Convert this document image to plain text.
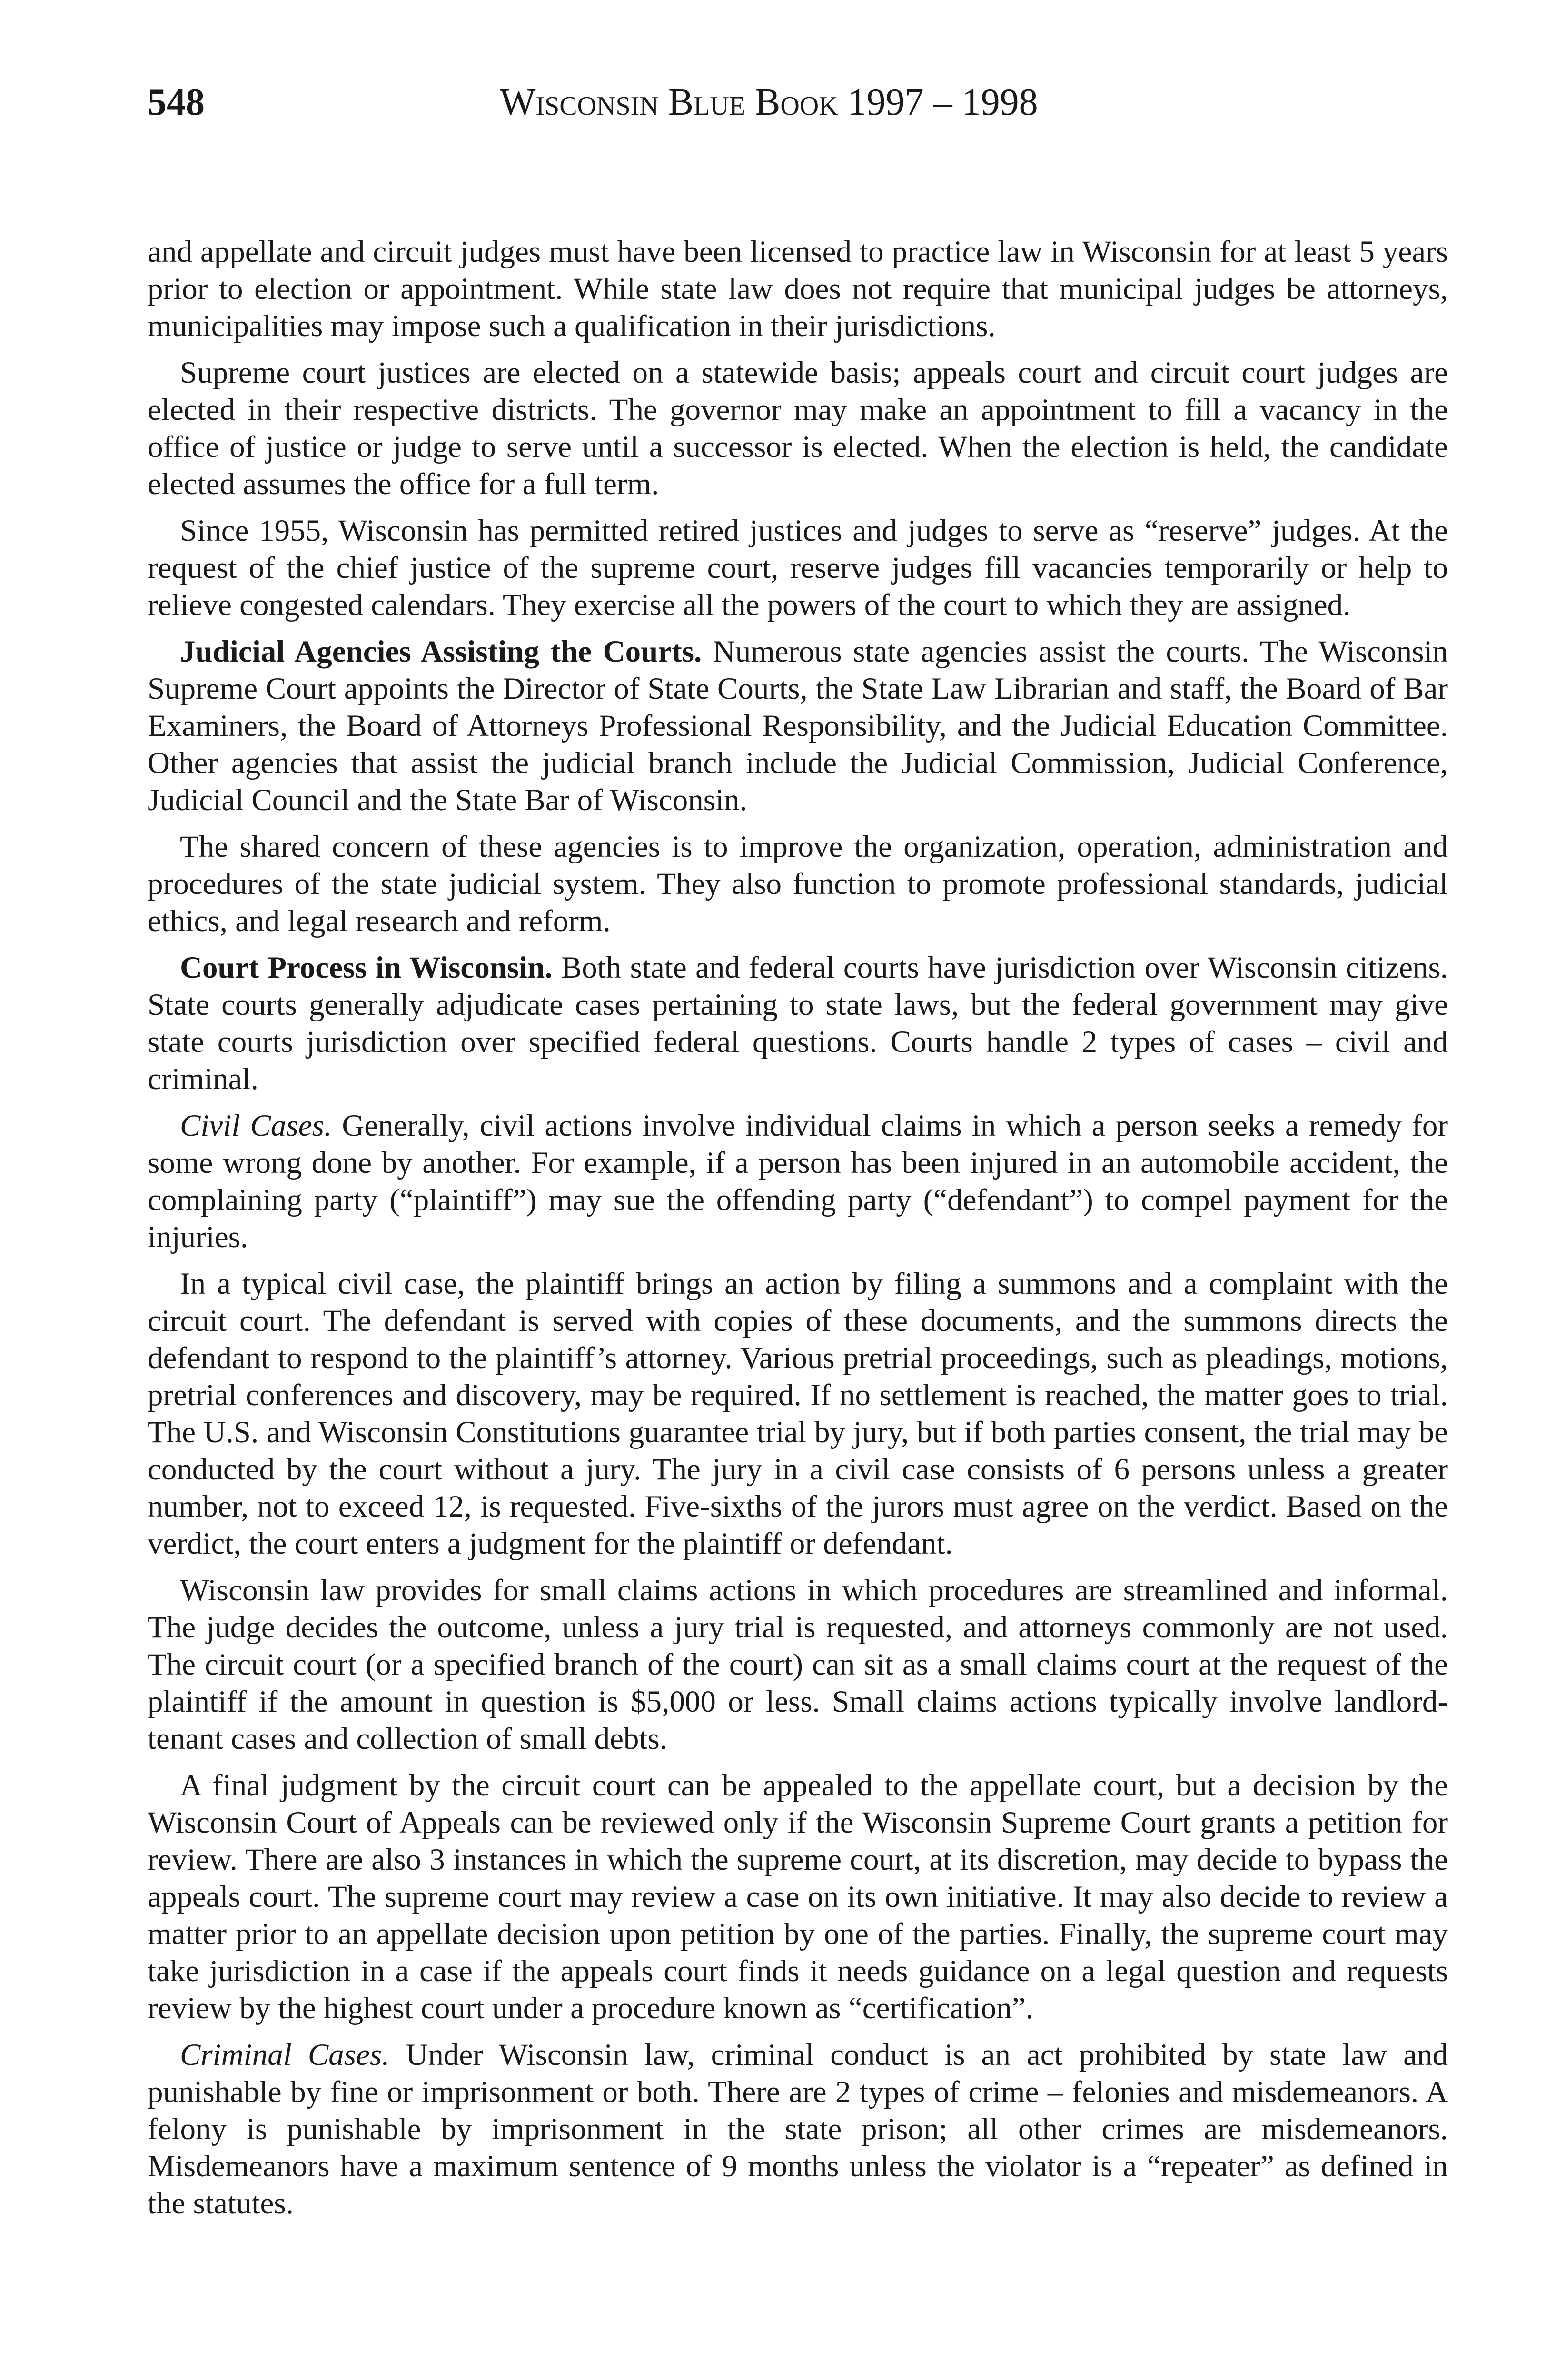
548	Wisconsin Blue Book 1997 – 1998

and appellate and circuit judges must have been licensed to practice law in Wisconsin for at least 5 years prior to election or appointment. While state law does not require that municipal judges be attorneys, municipalities may impose such a qualification in their jurisdictions.

Supreme court justices are elected on a statewide basis; appeals court and circuit court judges are elected in their respective districts. The governor may make an appointment to fill a vacancy in the office of justice or judge to serve until a successor is elected. When the election is held, the candidate elected assumes the office for a full term.

Since 1955, Wisconsin has permitted retired justices and judges to serve as “reserve” judges. At the request of the chief justice of the supreme court, reserve judges fill vacancies temporarily or help to relieve congested calendars. They exercise all the powers of the court to which they are assigned.

Judicial Agencies Assisting the Courts. Numerous state agencies assist the courts. The Wisconsin Supreme Court appoints the Director of State Courts, the State Law Librarian and staff, the Board of Bar Examiners, the Board of Attorneys Professional Responsibility, and the Judicial Education Committee. Other agencies that assist the judicial branch include the Judicial Commission, Judicial Conference, Judicial Council and the State Bar of Wisconsin.

The shared concern of these agencies is to improve the organization, operation, administration and procedures of the state judicial system. They also function to promote professional standards, judicial ethics, and legal research and reform.

Court Process in Wisconsin. Both state and federal courts have jurisdiction over Wisconsin citizens. State courts generally adjudicate cases pertaining to state laws, but the federal government may give state courts jurisdiction over specified federal questions. Courts handle 2 types of cases – civil and criminal.

Civil Cases. Generally, civil actions involve individual claims in which a person seeks a remedy for some wrong done by another. For example, if a person has been injured in an automobile accident, the complaining party (“plaintiff”) may sue the offending party (“defendant”) to compel payment for the injuries.

In a typical civil case, the plaintiff brings an action by filing a summons and a complaint with the circuit court. The defendant is served with copies of these documents, and the summons directs the defendant to respond to the plaintiff’s attorney. Various pretrial proceedings, such as pleadings, motions, pretrial conferences and discovery, may be required. If no settlement is reached, the matter goes to trial. The U.S. and Wisconsin Constitutions guarantee trial by jury, but if both parties consent, the trial may be conducted by the court without a jury. The jury in a civil case consists of 6 persons unless a greater number, not to exceed 12, is requested. Five-sixths of the jurors must agree on the verdict. Based on the verdict, the court enters a judgment for the plaintiff or defendant.

Wisconsin law provides for small claims actions in which procedures are streamlined and informal. The judge decides the outcome, unless a jury trial is requested, and attorneys commonly are not used. The circuit court (or a specified branch of the court) can sit as a small claims court at the request of the plaintiff if the amount in question is $5,000 or less. Small claims actions typically involve landlord-tenant cases and collection of small debts.

A final judgment by the circuit court can be appealed to the appellate court, but a decision by the Wisconsin Court of Appeals can be reviewed only if the Wisconsin Supreme Court grants a petition for review. There are also 3 instances in which the supreme court, at its discretion, may decide to bypass the appeals court. The supreme court may review a case on its own initiative. It may also decide to review a matter prior to an appellate decision upon petition by one of the parties. Finally, the supreme court may take jurisdiction in a case if the appeals court finds it needs guidance on a legal question and requests review by the highest court under a procedure known as “certification”.

Criminal Cases. Under Wisconsin law, criminal conduct is an act prohibited by state law and punishable by fine or imprisonment or both. There are 2 types of crime – felonies and misdemeanors. A felony is punishable by imprisonment in the state prison; all other crimes are misdemeanors. Misdemeanors have a maximum sentence of 9 months unless the violator is a “repeater” as defined in the statutes.
